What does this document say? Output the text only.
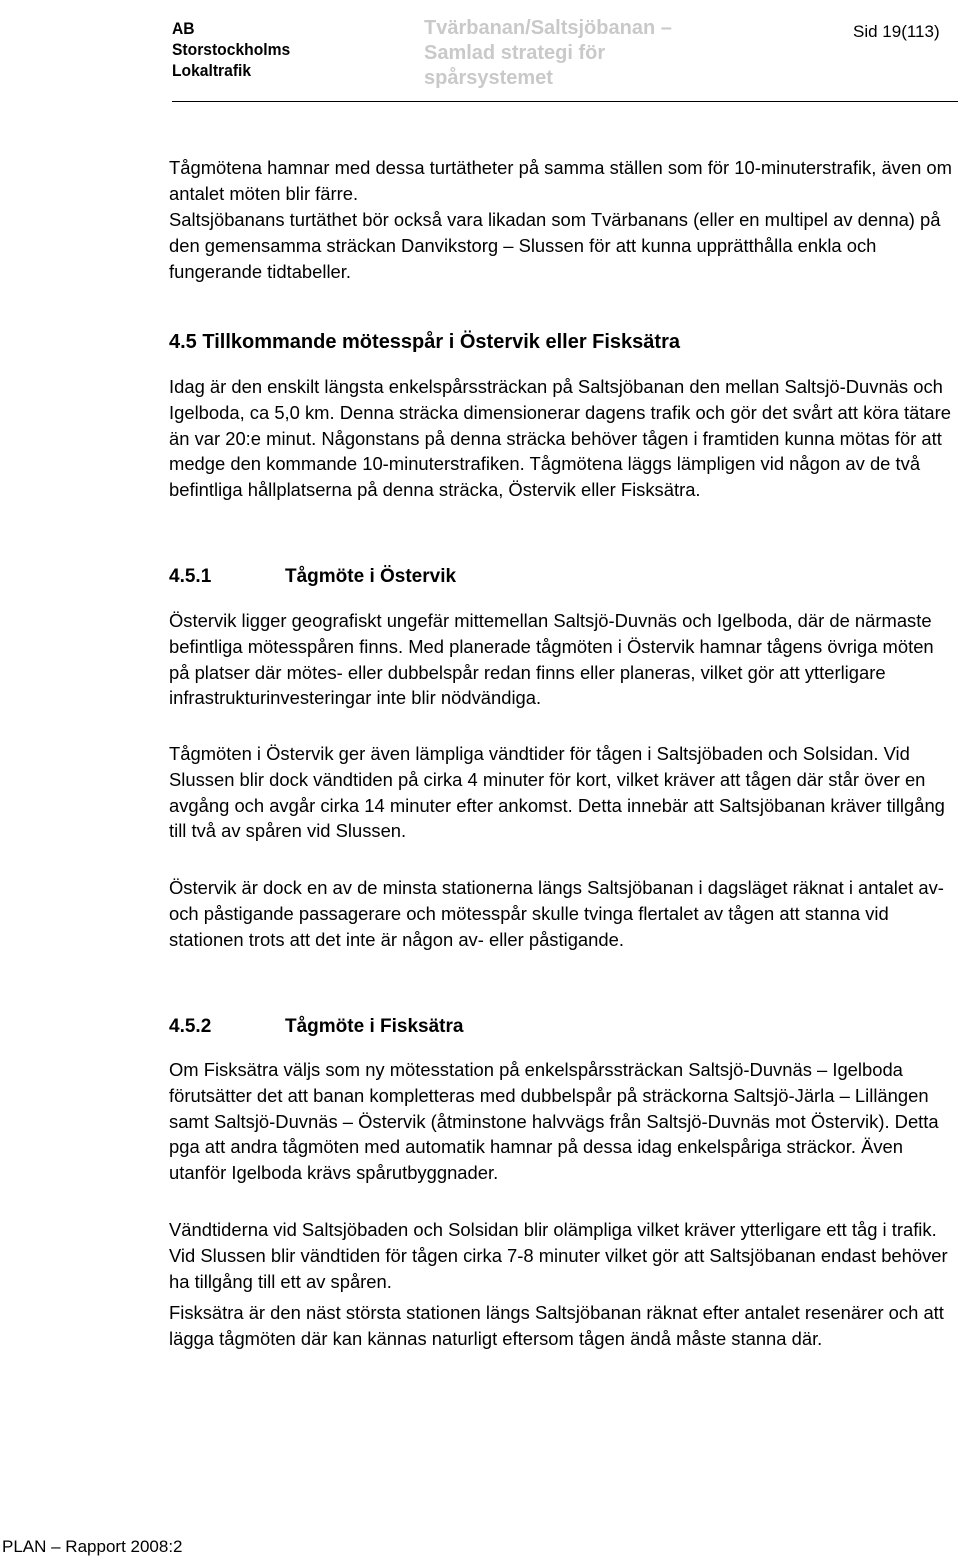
AB
Storstockholms
Lokaltrafik
Tvärbanan/Saltsjöbanan –
Samlad strategi för
spårsystemet
Sid 19(113)

Tågmötena hamnar med dessa turtätheter på samma ställen som för 10-minuterstrafik, även om antalet möten blir färre.

Saltsjöbanans turtäthet bör också vara likadan som Tvärbanans (eller en multipel av denna) på den gemensamma sträckan Danvikstorg – Slussen för att kunna upprätthålla enkla och fungerande tidtabeller.

4.5 Tillkommande mötesspår i Östervik eller Fisksätra

Idag är den enskilt längsta enkelspårssträckan på Saltsjöbanan den mellan Saltsjö-Duvnäs och Igelboda, ca 5,0 km. Denna sträcka dimensionerar dagens trafik och gör det svårt att köra tätare än var 20:e minut. Någonstans på denna sträcka behöver tågen i framtiden kunna mötas för att medge den kommande 10-minuterstrafiken. Tågmötena läggs lämpligen vid någon av de två befintliga hållplatserna på denna sträcka, Östervik eller Fisksätra.

4.5.1	Tågmöte i Östervik

Östervik ligger geografiskt ungefär mittemellan Saltsjö-Duvnäs och Igelboda, där de närmaste befintliga mötesspåren finns. Med planerade tågmöten i Östervik hamnar tågens övriga möten på platser där mötes- eller dubbelspår redan finns eller planeras, vilket gör att ytterligare infrastrukturinvesteringar inte blir nödvändiga.

Tågmöten i Östervik ger även lämpliga vändtider för tågen i Saltsjöbaden och Solsidan. Vid Slussen blir dock vändtiden på cirka 4 minuter för kort, vilket kräver att tågen där står över en avgång och avgår cirka 14 minuter efter ankomst. Detta innebär att Saltsjöbanan kräver tillgång till två av spåren vid Slussen.

Östervik är dock en av de minsta stationerna längs Saltsjöbanan i dagsläget räknat i antalet av- och påstigande passagerare och mötesspår skulle tvinga flertalet av tågen att stanna vid stationen trots att det inte är någon av- eller påstigande.

4.5.2	Tågmöte i Fisksätra

Om Fisksätra väljs som ny mötesstation på enkelspårssträckan Saltsjö-Duvnäs – Igelboda förutsätter det att banan kompletteras med dubbelspår på sträckorna Saltsjö-Järla – Lillängen samt Saltsjö-Duvnäs – Östervik (åtminstone halvvägs från Saltsjö-Duvnäs mot Östervik). Detta pga att andra tågmöten med automatik hamnar på dessa idag enkelspåriga sträckor. Även utanför Igelboda krävs spårutbyggnader.

Vändtiderna vid Saltsjöbaden och Solsidan blir olämpliga vilket kräver ytterligare ett tåg i trafik. Vid Slussen blir vändtiden för tågen cirka 7-8 minuter vilket gör att Saltsjöbanan endast behöver ha tillgång till ett av spåren.

Fisksätra är den näst största stationen längs Saltsjöbanan räknat efter antalet resenärer och att lägga tågmöten där kan kännas naturligt eftersom tågen ändå måste stanna där.

PLAN – Rapport 2008:2
